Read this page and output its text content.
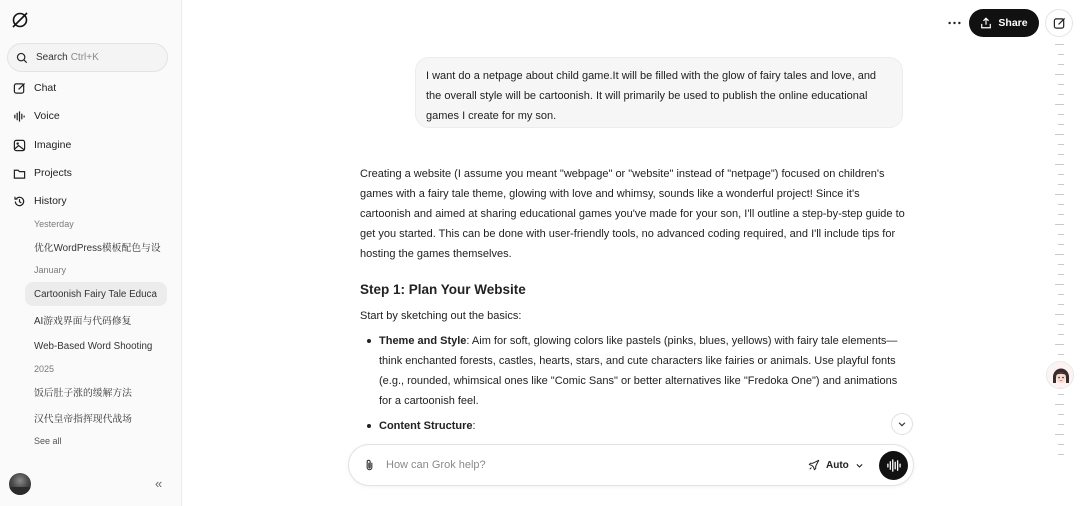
Search Ctrl+K
Chat
Voice
Imagine
Projects
History
Yesterday
优化WordPress模板配色与设
January
Cartoonish Fairy Tale Educa
AI游戏界面与代码修复
Web-Based Word Shooting
2025
饭后肚子涨的缓解方法
汉代皇帝指挥现代战场
See all
«
Share
I want do a netpage about child game.It will be filled with the glow of fairy tales and love, and the overall style will be cartoonish. It will primarily be used to publish the online educational games I create for my son.

Creating a website (I assume you meant "webpage" or "website" instead of "netpage") focused on children's games with a fairy tale theme, glowing with love and whimsy, sounds like a wonderful project! Since it's cartoonish and aimed at sharing educational games you've made for your son, I'll outline a step-by-step guide to get you started. This can be done with user-friendly tools, no advanced coding required, and I'll include tips for hosting the games themselves.

Step 1: Plan Your Website

Start by sketching out the basics:

Theme and Style: Aim for soft, glowing colors like pastels (pinks, blues, yellows) with fairy tale elements—think enchanted forests, castles, hearts, stars, and cute characters like fairies or animals. Use playful fonts (e.g., rounded, whimsical ones like "Comic Sans" or better alternatives like "Fredoka One") and animations for a cartoonish feel.
Content Structure:
How can Grok help?	Auto
